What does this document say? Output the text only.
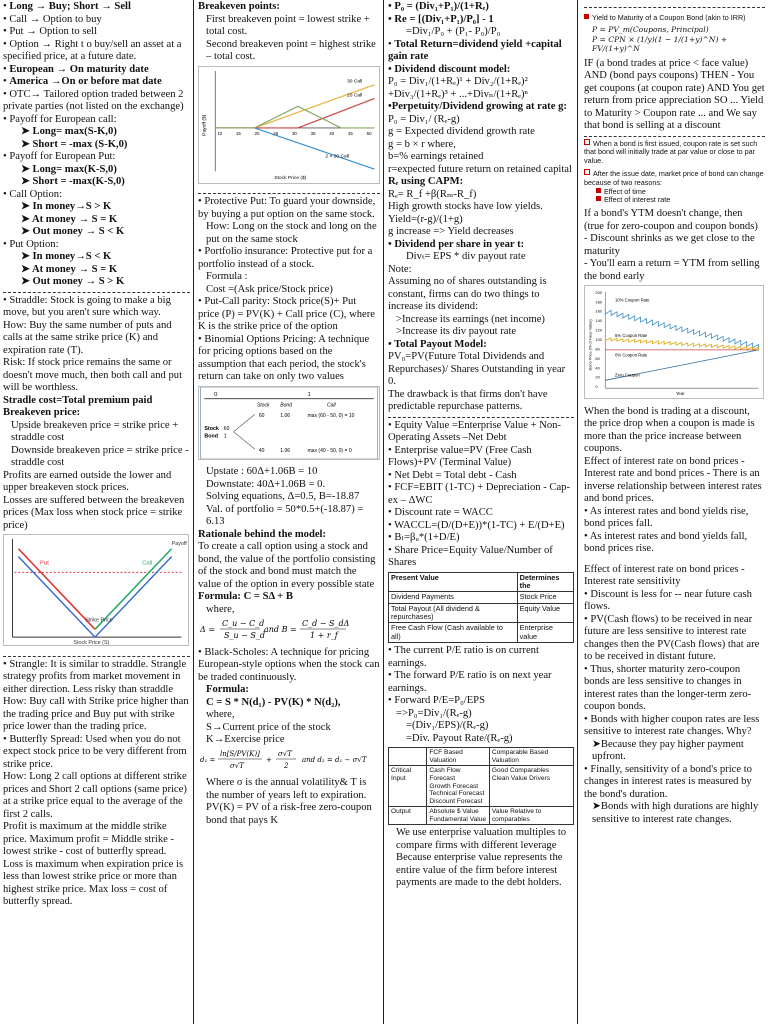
• Long → Buy; Short → Sell
• Call → Option to buy
• Put → Option to sell
• Option → Right t o buy/sell an asset at a specified price, at a future date.
• European → On maturity date
• America →On or before mat date
• OTC→ Tailored option traded between 2 private parties (not listed on the exchange)
• Payoff for European call:
➤ Long= max(S-K,0)
➤ Short = -max (S-K,0)
• Payoff for European Put:
➤ Long= max(K-S,0)
➤ Short = -max(K-S,0)
• Call Option:
➤ In money→S > K
➤ At money → S = K
➤ Out money → S < K
• Put Option:
➤ In money→S < K
➤ At money → S = K
➤ Out money → S > K
• Straddle: Stock is going to make a big move, but you aren't sure which way.
How: Buy the same number of puts and calls at the same strike price (K) and expiration rate (T).
Risk: If stock price remains the same or doesn't move much, then both call and put will be worthless.
Stradle cost=Total premium paid
Breakeven price:
Upside breakeven price = strike price + straddle cost
Downside breakeven price = strike price - straddle cost
Profits are earned outside the lower and upper breakeven stock prices.
Losses are suffered between the breakeven prices (Max loss when stock price = strike price)
Put	Call
Strike Price
Payoff
Stock Price (S)
• Strangle: It is similar to straddle. Strangle strategy profits from market movement in either direction. Less risky than straddle
How: Buy call with Strike price higher than the trading price and Buy put with strike price lower than the trading price.
• Butterfly Spread: Used when you do not expect stock price to be very different from strike price.
How: Long 2 call options at different strike prices and Short 2 call options (same price) at a strike price equal to the average of the first 2 calls.
Profit is maximum at the middle strike price. Maximum profit = Middle strike - lowest strike - cost of butterfly spread.
Loss is maximum when expiration price is less than lowest strike price or more than highest strike price. Max loss = cost of butterfly spread.
Breakeven points:
First breakeven point = lowest strike + total cost.
Second breakeven point = highest strike – total cost.
30 Call
20 Call
2 × 20 Call
Payoff ($)
Stock Price ($)
10	15	20	25	30	35	40	45	50
• Protective Put: To guard your downside, by buying a put option on the same stock.
How: Long on the stock and long on the put on the same stock
• Portfolio insurance: Protective put for a portfolio instead of a stock.
Formula :
Cost =(Ask price/Stock price)
• Put-Call parity: Stock price(S)+ Put price (P) = PV(K) + Call price (C), where K is the strike price of the option
• Binomial Options Pricing: A technique for pricing options based on the assumption that each period, the stock's return can take on only two values
0	1
Stock Bond	Call
Stock
Bond
60
1
60	1.06	max (60 - 50, 0) = 10
40	1.06	max (40 - 50, 0) = 0
Upstate : 60Δ+1.06B = 10
Downstate: 40Δ+1.06B = 0.
Solving equations, Δ=0.5, B=-18.87
Val. of portfolio = 50*0.5+(-18.87) = 6.13
Rationale behind the model:
To create a call option using a stock and bond, the value of the portfolio consisting of the stock and bond must match the value of the option in every possible state
Formula: C = SΔ + B
where,
Δ =
C_u − C_d
S_u − S_d
and B =
C_d − S_dΔ
1 + r_f
• Black-Scholes: A technique for pricing European-style options when the stock can be traded continuously.
Formula:
C = S * N(d₁) - PV(K) * N(d₂),
where,
S→Current price of the stock
K→Exercise price
d₁ =
ln[S/PV(K)]
σ√T
+
σ√T
2
and d₂ = d₁ − σ√T
Where σ is the annual volatility& T is the number of years left to expiration.
PV(K) = PV of a risk-free zero-coupon bond that pays K
• P₀ = (Div₁+P₁)/(1+Rₑ)
• Re = [(Div₁+P₁)/P₀] - 1
=Div₁/P₀ + (P₁- P₀)/P₀
• Total Return=dividend yield +capital gain rate
• Dividend discount model:
P₀ = Div₁/(1+Rₑ)¹ + Div₂/(1+Rₑ)² +Div₃/(1+Rₑ)³ + ...+Divₙ/(1+Rₑ)ⁿ
•Perpetuity/Dividend growing at rate g:
P₀ = Div₁/ (Rₑ-g)
g = Expected dividend growth rate
g = b × r where,
b=% earnings retained
r=expected future return on retained capital
Rₑ using CAPM:
Rₑ= R_f +β(Rₘ-R_f)
High growth stocks have low yields.
Yield=(r-g)/(1+g)
g increase => Yield decreases
• Dividend per share in year t:
Divₜ= EPS * div payout rate
Note:
Assuming no of shares outstanding is constant, firms can do two things to increase its dividend:
>Increase its earnings (net income)
>Increase its div payout rate
• Total Payout Model:
PV₀=PV(Future Total Dividends and Repurchases)/ Shares Outstanding in year 0.
The drawback is that firms don't have predictable repurchase patterns.
• Equity Value =Enterprise Value + Non-Operating Assets –Net Debt
• Enterprise value=PV (Free Cash Flows)+PV (Terminal Value)
• Net Debt = Total debt - Cash
• FCF=EBIT (1-TC) + Depreciation - Cap-ex – ΔWC
• Discount rate = WACC
• WACCL=(D/(D+E))*(1-TC) + E/(D+E)
• Bₗ=βᵤ*(1+D/E)
• Share Price=Equity Value/Number of Shares
Present Value	Determines the
Dividend Payments	Stock Price
Total Payout (All dividend & repurchases)	Equity Value
Free Cash Flow (Cash available to all)	Enterprise value
• The current P/E ratio is on current earnings.
• The forward P/E ratio is on next year earnings.
• Forward P/E=P₀/EPS
=>P₀=Div₁/(Rₑ-g)
=(Div₁/EPS)/(Rₑ-g)
=Div. Payout Rate/(Rₑ-g)
	FCF Based Valuation	Comparable Based Valuation
Critical Input	Cash Flow Forecast
Growth Forecast
Technical Forecast
Discount Forecast	Good Comparables
Clean Value Drivers
Output	Absolute $ Value
Fundamental Value	Value Relative to comparables
We use enterprise valuation multiples to compare firms with different leverage Because enterprise value represents the entire value of the firm before interest payments are made to the debt holders.
Yield to Maturity of a Coupon Bond (akin to IRR)
P = PV_m(Coupons, Principal)
P = CPN × (1/y)(1 − 1/(1+y)^N) + FV/(1+y)^N
IF (a bond trades at price < face value) AND (bond pays coupons) THEN - You get coupons (at coupon rate) AND You get return from price appreciation SO ... Yield to Maturity > Coupon rate ... and We say that bond is selling at a discount
When a bond is first issued, coupon rate is set such that bond will initially trade at par value or close to par value.
After the issue date, market price of bond can change because of two reasons:
Effect of time
Effect of interest rate
If a bond's YTM doesn't change, then (true for zero-coupon and coupon bonds)
- Discount shrinks as we get close to the maturity
- You'll earn a return = YTM from selling the bond early
200
180
160
140
120
100
80
60
40
20
0
10% Coupon Rate
5% Coupon Rate
0% Coupon Rate
Zero Coupon
Bond Price (% of Face Value)
Year
When the bond is trading at a discount, the price drop when a coupon is made is more than the price increase between coupons.
Effect of interest rate on bond prices - Interest rate and bond prices - There is an inverse relationship between interest rates and bond prices.
• As interest rates and bond yields rise, bond prices fall.
• As interest rates and bond yields fall, bond prices rise.
Effect of interest rate on bond prices - Interest rate sensitivity
• Discount is less for -- near future cash flows.
• PV(Cash flows) to be received in near future are less sensitive to interest rate changes then the PV(Cash flows) that are to be received in distant future.
• Thus, shorter maturity zero-coupon bonds are less sensitive to changes in interest rates than the longer-term zero-coupon bonds.
• Bonds with higher coupon rates are less sensitive to interest rate changes. Why?
➤Because they pay higher payment upfront.
• Finally, sensitivity of a bond's price to changes in interest rates is measured by the bond's duration.
➤Bonds with high durations are highly sensitive to interest rate changes.
